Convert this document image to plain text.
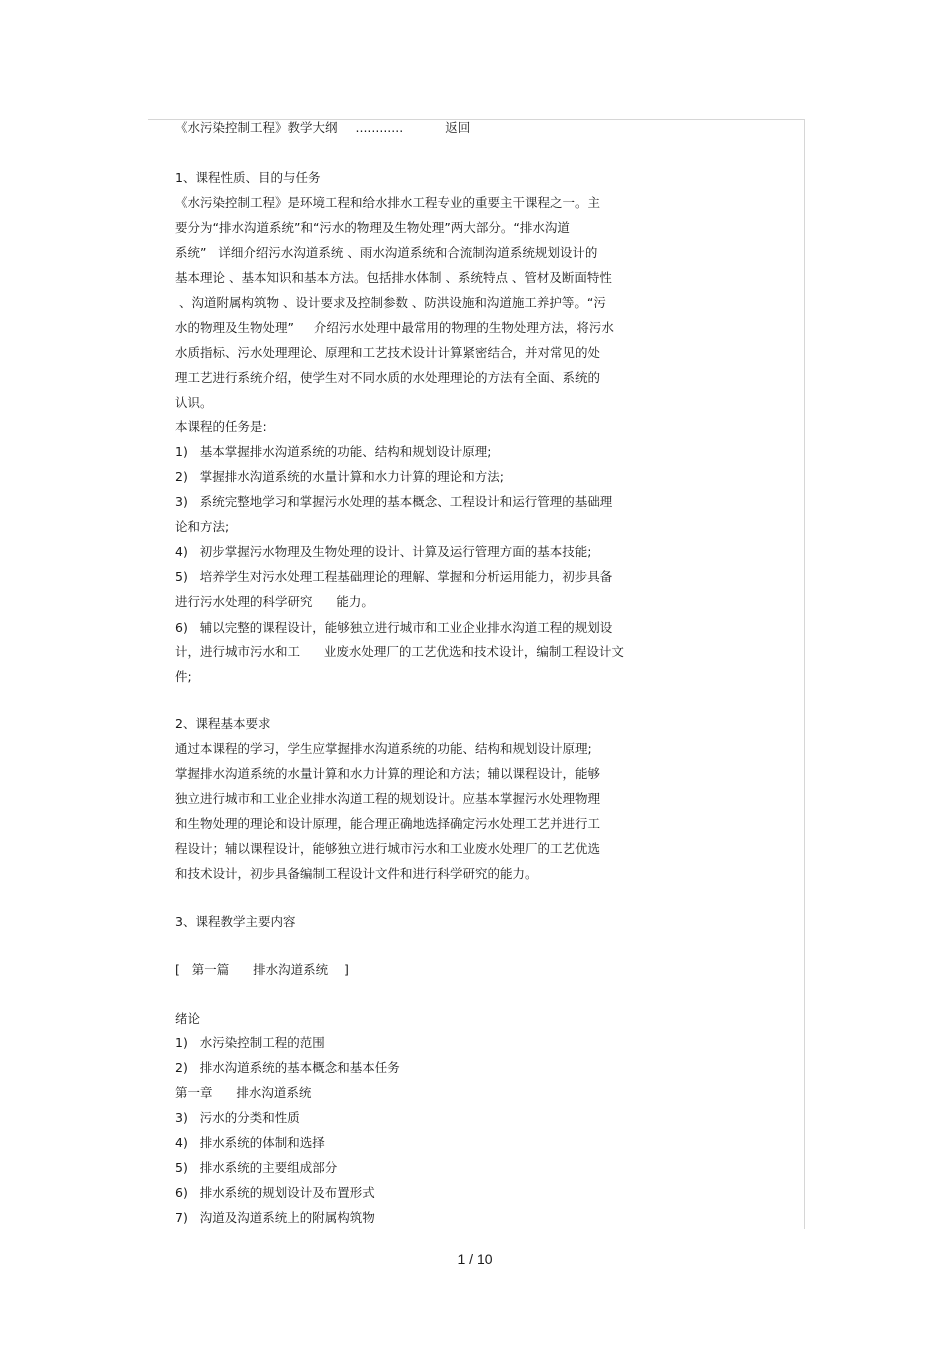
《水污染控制工程》教学大纲 ............	返回
1、课程性质、目的与任务
《水污染控制工程》是环境工程和给水排水工程专业的重要主干课程之一。主
要分为“排水沟道系统”和“污水的物理及生物处理”两大部分。“排水沟道
系统”   详细介绍污水沟道系统 、雨水沟道系统和合流制沟道系统规划设计的
基本理论 、基本知识和基本方法。包括排水体制 、系统特点 、管材及断面特性
、沟道附属构筑物 、设计要求及控制参数 、防洪设施和沟道施工养护等。“污
水的物理及生物处理”     介绍污水处理中最常用的物理的生物处理方法，将污水
水质指标、污水处理理论、原理和工艺技术设计计算紧密结合，并对常见的处
理工艺进行系统介绍，使学生对不同水质的水处理理论的方法有全面、系统的
认识。
本课程的任务是:
1)   基本掌握排水沟道系统的功能、结构和规划设计原理;
2)   掌握排水沟道系统的水量计算和水力计算的理论和方法;
3)   系统完整地学习和掌握污水处理的基本概念、工程设计和运行管理的基础理
论和方法;
4)   初步掌握污水物理及生物处理的设计、计算及运行管理方面的基本技能;
5)   培养学生对污水处理工程基础理论的理解、掌握和分析运用能力，初步具备
进行污水处理的科学研究      能力。
6)   辅以完整的课程设计，能够独立进行城市和工业企业排水沟道工程的规划设
计，进行城市污水和工      业废水处理厂的工艺优选和技术设计，编制工程设计文
件;
2、课程基本要求
通过本课程的学习，学生应掌握排水沟道系统的功能、结构和规划设计原理;
掌握排水沟道系统的水量计算和水力计算的理论和方法；辅以课程设计，能够
独立进行城市和工业企业排水沟道工程的规划设计。应基本掌握污水处理物理
和生物处理的理论和设计原理，能合理正确地选择确定污水处理工艺并进行工
程设计；辅以课程设计，能够独立进行城市污水和工业废水处理厂的工艺优选
和技术设计，初步具备编制工程设计文件和进行科学研究的能力。
3、课程教学主要内容
[   第一篇      排水沟道系统    ]
绪论
1)   水污染控制工程的范围
2)   排水沟道系统的基本概念和基本任务
第一章      排水沟道系统
3)   污水的分类和性质
4)   排水系统的体制和选择
5)   排水系统的主要组成部分
6)   排水系统的规划设计及布置形式
7)   沟道及沟道系统上的附属构筑物
1 / 10
